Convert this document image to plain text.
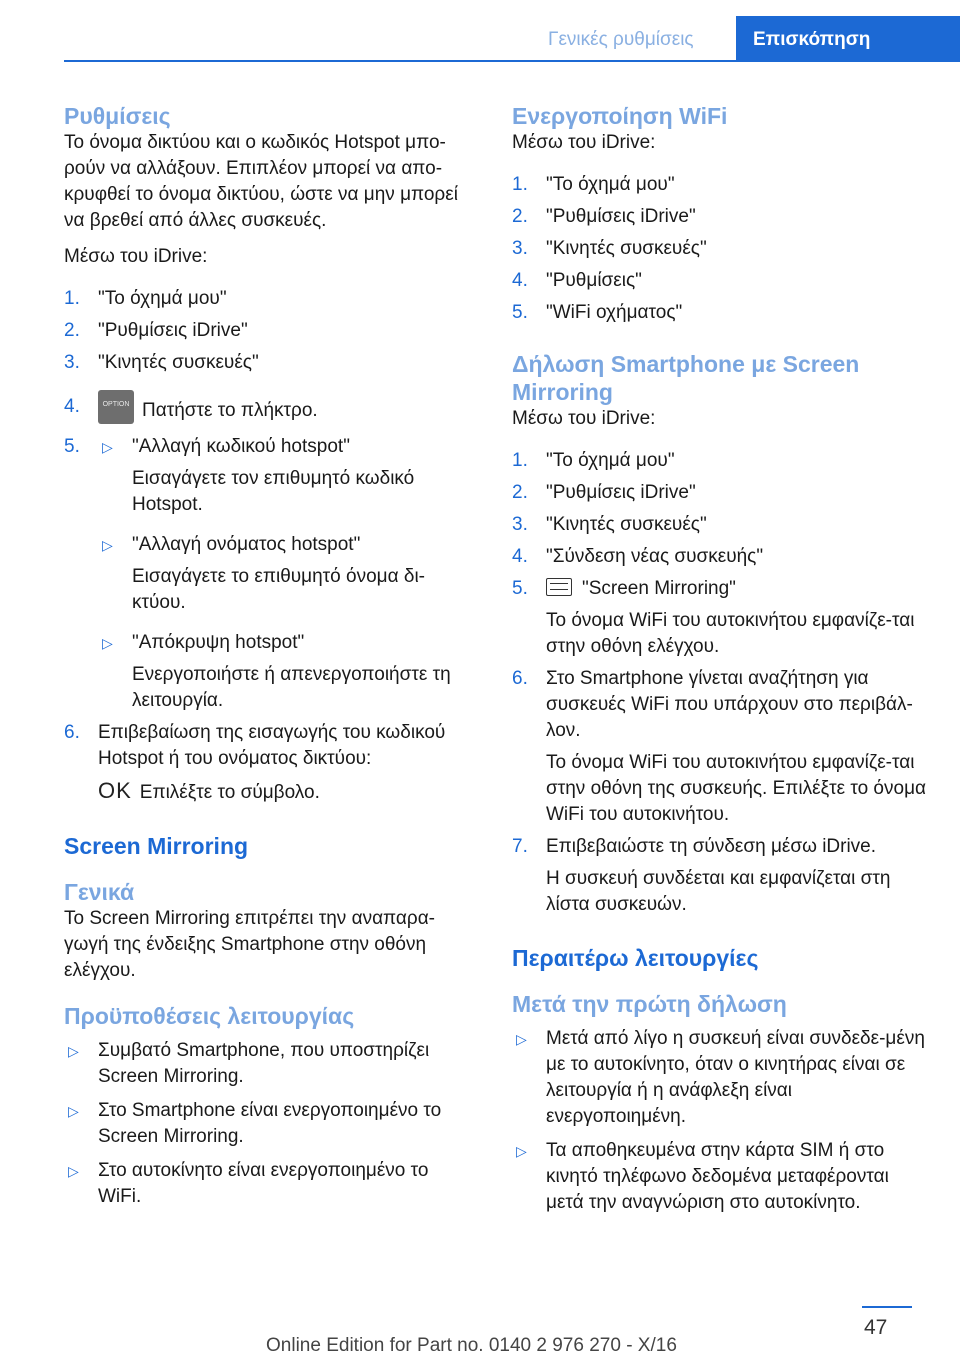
Γενικές ρυθμίσεις	Επισκόπηση
Ρυθμίσεις

Το όνομα δικτύου και ο κωδικός Hotspot μπο-ρούν να αλλάξουν. Επιπλέον μπορεί να απο-κρυφθεί το όνομα δικτύου, ώστε να μην μπορεί να βρεθεί από άλλες συσκευές.

Μέσω του iDrive:

1. "Το όχημά μου"
2. "Ρυθμίσεις iDrive"
3. "Κινητές συσκευές"
4.	OPTION Πατήστε το πλήκτρο.
5. ▷	"Αλλαγή κωδικού hotspot"

Εισαγάγετε τον επιθυμητό κωδικό Hotspot.

▷	"Αλλαγή ονόματος hotspot"

Εισαγάγετε το επιθυμητό όνομα δι-κτύου.

▷	"Απόκρυψη hotspot"

Ενεργοποιήστε ή απενεργοποιήστε τη λειτουργία.

6. Επιβεβαίωση της εισαγωγής του κωδικού Hotspot ή του ονόματος δικτύου:

OK Επιλέξτε το σύμβολο.

Screen Mirroring
Γενικά

Το Screen Mirroring επιτρέπει την αναπαρα-γωγή της ένδειξης Smartphone στην οθόνη ελέγχου.

Προϋποθέσεις λειτουργίας
▷ Συμβατό Smartphone, που υποστηρίζει Screen Mirroring.
▷ Στο Smartphone είναι ενεργοποιημένο το Screen Mirroring.
▷ Στο αυτοκίνητο είναι ενεργοποιημένο το WiFi.
Ενεργοποίηση WiFi

Μέσω του iDrive:

1. "Το όχημά μου"
2. "Ρυθμίσεις iDrive"
3. "Κινητές συσκευές"
4. "Ρυθμίσεις"
5. "WiFi οχήματος"
Δήλωση Smartphone με Screen Mirroring

Μέσω του iDrive:

1. "Το όχημά μου"
2. "Ρυθμίσεις iDrive"
3. "Κινητές συσκευές"
4. "Σύνδεση νέας συσκευής"
5.	"Screen Mirroring"

Το όνομα WiFi του αυτοκινήτου εμφανίζε-ται στην οθόνη ελέγχου.

6. Στο Smartphone γίνεται αναζήτηση για συσκευές WiFi που υπάρχουν στο περιβάλ-λον.

Το όνομα WiFi του αυτοκινήτου εμφανίζε-ται στην οθόνη της συσκευής. Επιλέξτε το όνομα WiFi του αυτοκινήτου.

7. Επιβεβαιώστε τη σύνδεση μέσω iDrive.

Η συσκευή συνδέεται και εμφανίζεται στη λίστα συσκευών.

Περαιτέρω λειτουργίες
Μετά την πρώτη δήλωση
▷ Μετά από λίγο η συσκευή είναι συνδεδε-μένη με το αυτοκίνητο, όταν ο κινητήρας είναι σε λειτουργία ή η ανάφλεξη είναι ενεργοποιημένη.
▷ Τα αποθηκευμένα στην κάρτα SIM ή στο κινητό τηλέφωνο δεδομένα μεταφέρονται μετά την αναγνώριση στο αυτοκίνητο.
47
Online Edition for Part no. 0140 2 976 270 - X/16
